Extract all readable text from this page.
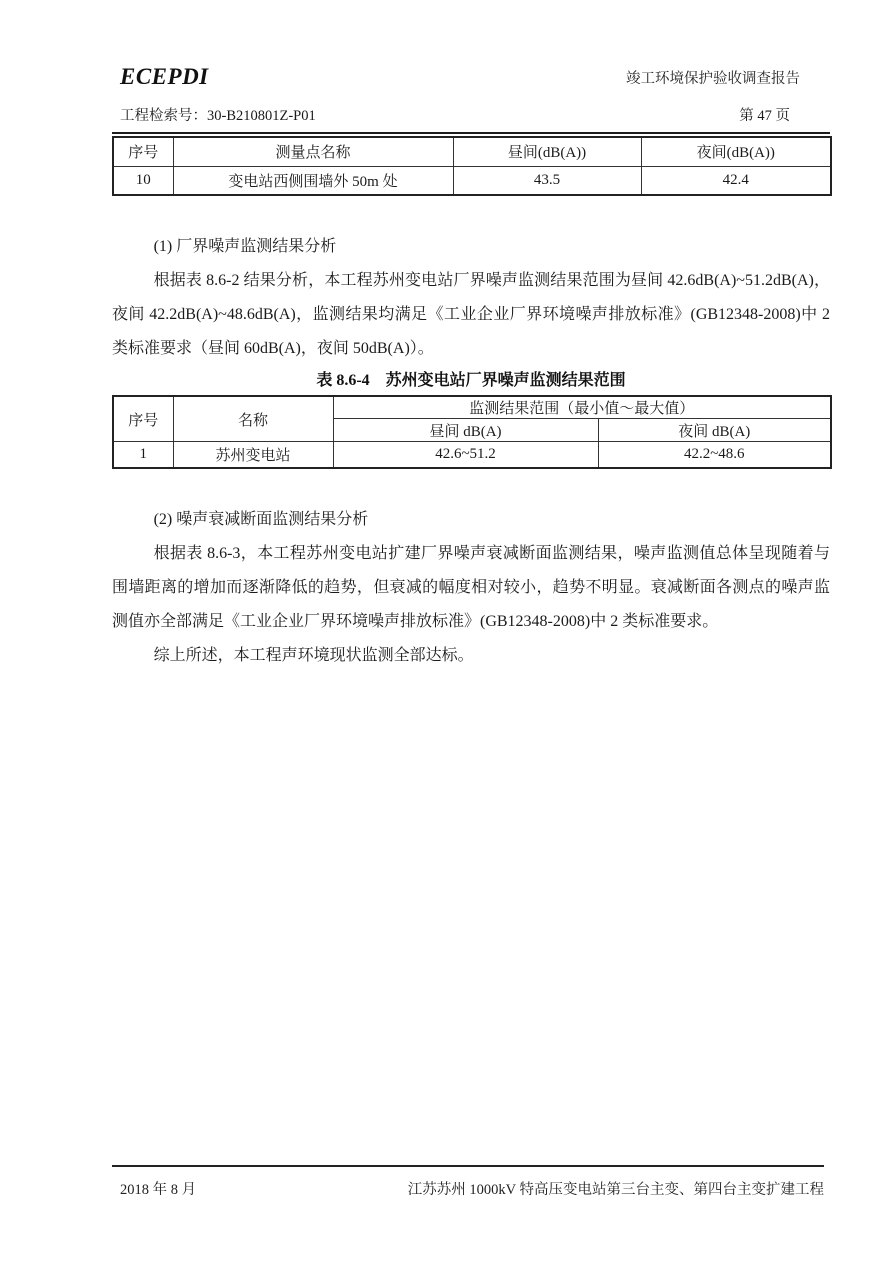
ECEPDI	竣工环境保护验收调查报告
工程检索号：30-B210801Z-P01	第 47 页
序号	测量点名称	昼间(dB(A))	夜间(dB(A))
10	变电站西侧围墙外 50m 处	43.5	42.4
(1) 厂界噪声监测结果分析
根据表 8.6-2 结果分析，本工程苏州变电站厂界噪声监测结果范围为昼间 42.6dB(A)~51.2dB(A)，夜间 42.2dB(A)~48.6dB(A)，监测结果均满足《工业企业厂界环境噪声排放标准》(GB12348-2008)中 2 类标准要求（昼间 60dB(A)，夜间 50dB(A)）。
表 8.6-4　苏州变电站厂界噪声监测结果范围
序号	名称	监测结果范围（最小值～最大值）	
		昼间 dB(A)	夜间 dB(A)
1	苏州变电站	42.6~51.2	42.2~48.6
(2) 噪声衰减断面监测结果分析
根据表 8.6-3，本工程苏州变电站扩建厂界噪声衰减断面监测结果，噪声监测值总体呈现随着与围墙距离的增加而逐渐降低的趋势，但衰减的幅度相对较小，趋势不明显。衰减断面各测点的噪声监测值亦全部满足《工业企业厂界环境噪声排放标准》(GB12348-2008)中 2 类标准要求。
综上所述，本工程声环境现状监测全部达标。
2018 年 8 月	江苏苏州 1000kV 特高压变电站第三台主变、第四台主变扩建工程
